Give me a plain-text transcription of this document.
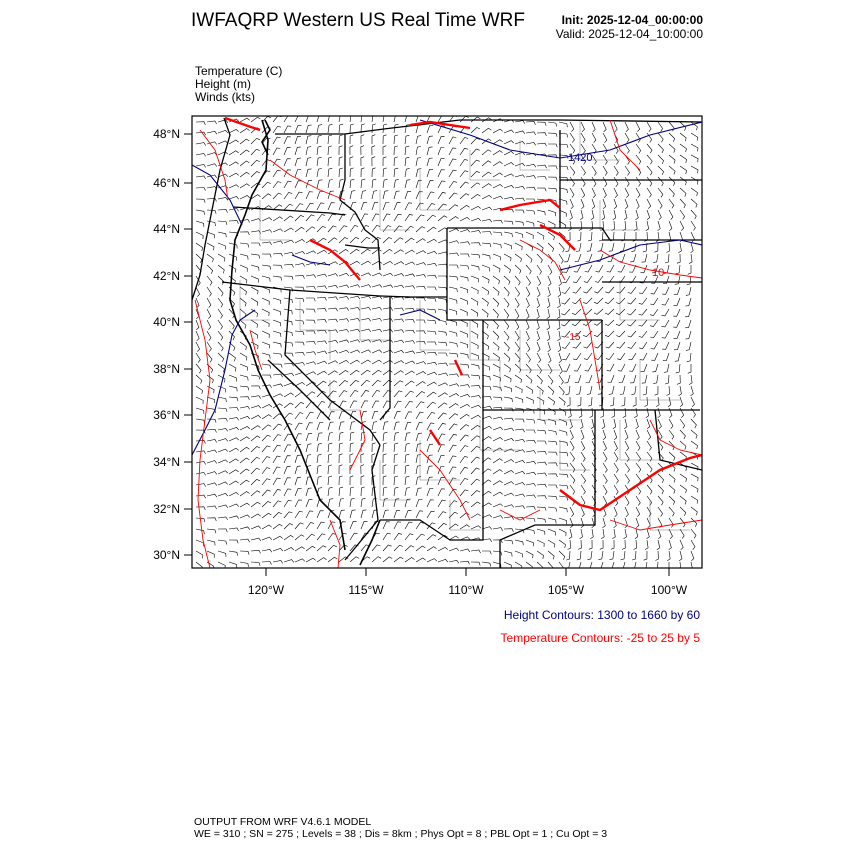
IWFAQRP Western US Real Time WRF	Init: 2025-12-04_00:00:00
Valid: 2025-12-04_10:00:00
Temperature (C)
Height (m)
Winds (kts)
1420
10
-15
48°N
46°N
44°N
42°N
40°N
38°N
36°N
34°N
32°N
30°N
120°W	115°W	110°W	105°W	100°W
Height Contours: 1300 to 1660 by 60
Temperature Contours: -25 to 25 by 5
OUTPUT FROM WRF V4.6.1 MODEL
WE = 310 ; SN = 275 ; Levels = 38 ; Dis = 8km ; Phys Opt = 8 ; PBL Opt = 1 ; Cu Opt = 3
